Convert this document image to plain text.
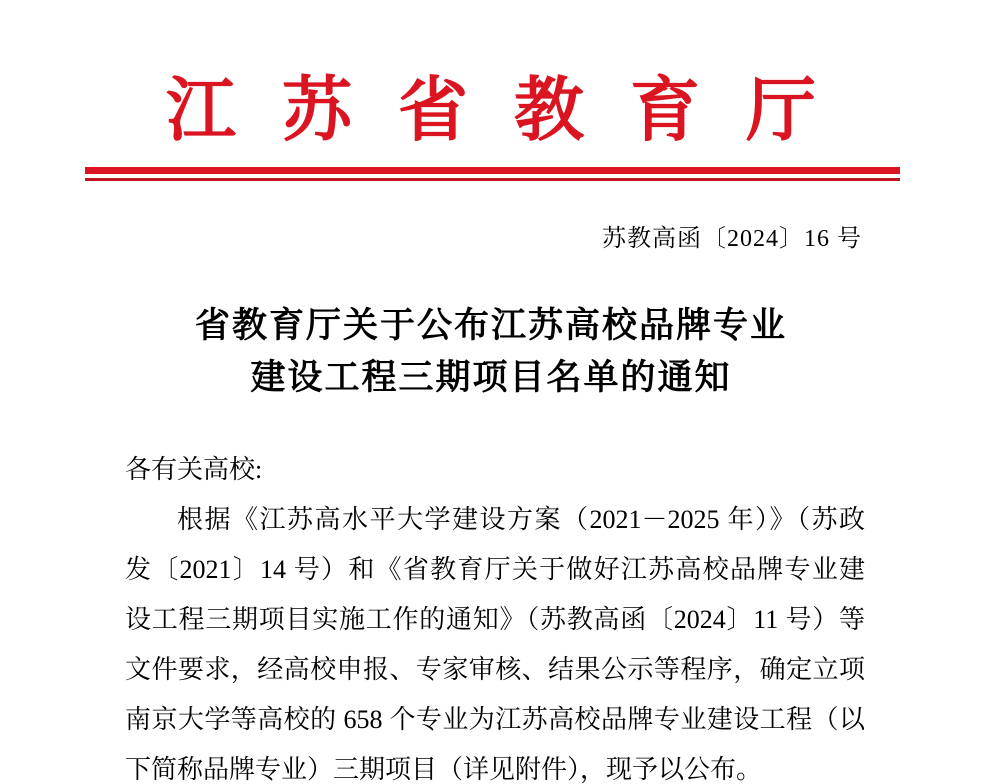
江苏省教育厅
苏教高函〔2024〕16 号
省教育厅关于公布江苏高校品牌专业
建设工程三期项目名单的通知
各有关高校:
根据《江苏高水平大学建设方案（2021－2025 年）》（苏政
发〔2021〕14 号）和《省教育厅关于做好江苏高校品牌专业建
设工程三期项目实施工作的通知》（苏教高函〔2024〕11 号）等
文件要求，经高校申报、专家审核、结果公示等程序，确定立项
南京大学等高校的 658 个专业为江苏高校品牌专业建设工程（以
下简称品牌专业）三期项目（详见附件），现予以公布。
